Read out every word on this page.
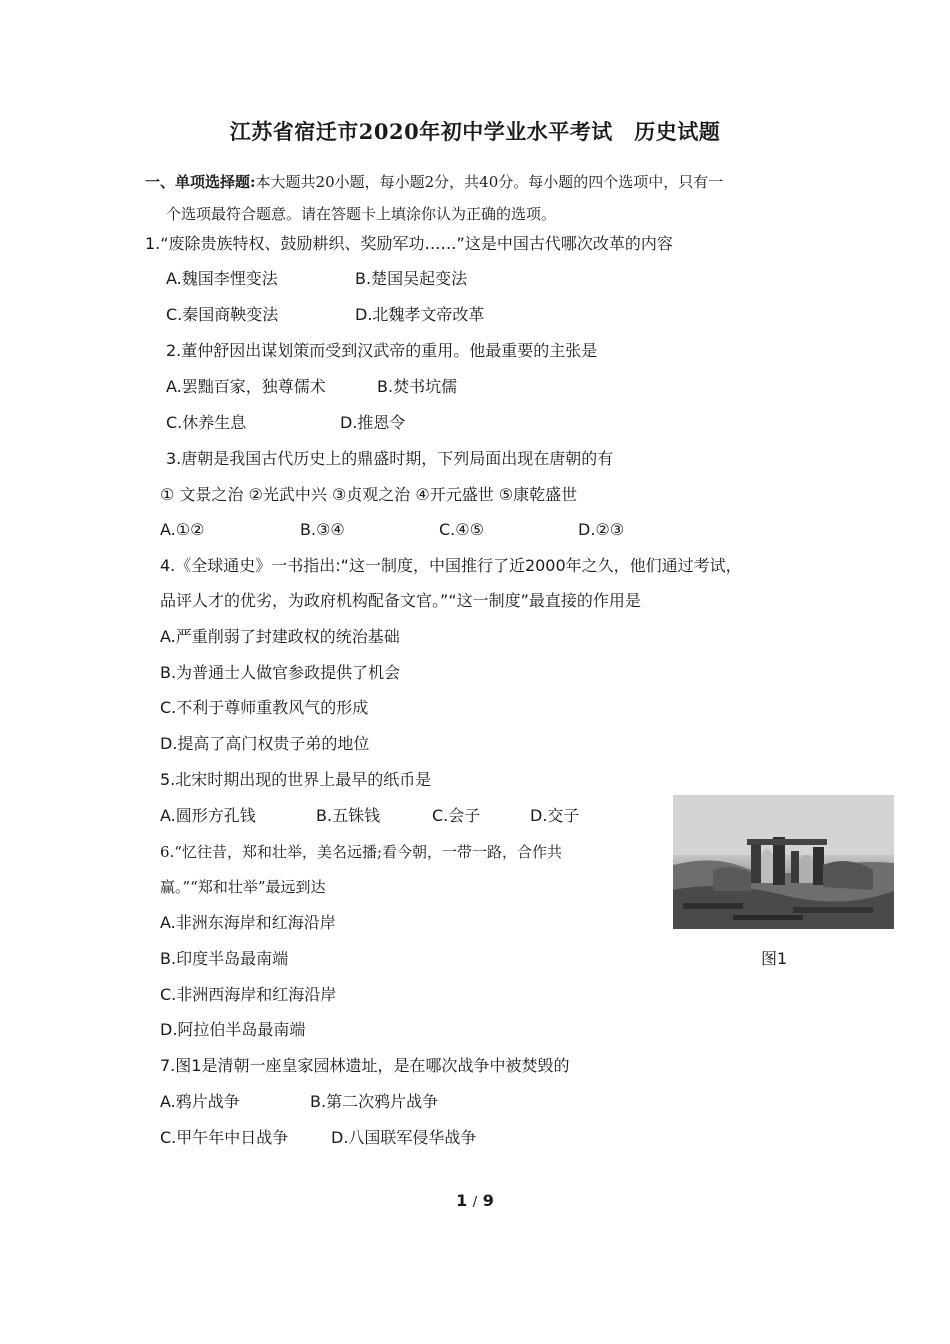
江苏省宿迁市2020年初中学业水平考试　历史试题
一、单项选择题:本大题共20小题，每小题2分，共40分。每小题的四个选项中，只有一
个选项最符合题意。请在答题卡上填涂你认为正确的选项。
1.“废除贵族特权、鼓励耕织、奖励军功……”这是中国古代哪次改革的内容
A.魏国李悝变法	B.楚国吴起变法
C.秦国商鞅变法	D.北魏孝文帝改革
2.董仲舒因出谋划策而受到汉武帝的重用。他最重要的主张是
A.罢黜百家，独尊儒术	B.焚书坑儒
C.休养生息	D.推恩令
3.唐朝是我国古代历史上的鼎盛时期，下列局面出现在唐朝的有
① 文景之治 ②光武中兴 ③贞观之治 ④开元盛世 ⑤康乾盛世
A.①②	B.③④	C.④⑤	D.②③
4.《全球通史》一书指出:“这一制度，中国推行了近2000年之久，他们通过考试，
品评人才的优劣，为政府机构配备文官。”“这一制度”最直接的作用是
A.严重削弱了封建政权的统治基础
B.为普通士人做官参政提供了机会
C.不利于尊师重教风气的形成
D.提高了高门权贵子弟的地位
5.北宋时期出现的世界上最早的纸币是
A.圆形方孔钱	B.五铢钱	C.会子	D.交子
6.“忆往昔，郑和壮举，美名远播;看今朝，一带一路，合作共
赢。”“郑和壮举”最远到达
A.非洲东海岸和红海沿岸
B.印度半岛最南端
C.非洲西海岸和红海沿岸
D.阿拉伯半岛最南端
7.图1是清朝一座皇家园林遗址，是在哪次战争中被焚毁的
A.鸦片战争	B.第二次鸦片战争
C.甲午年中日战争	D.八国联军侵华战争
图1
1 / 9
